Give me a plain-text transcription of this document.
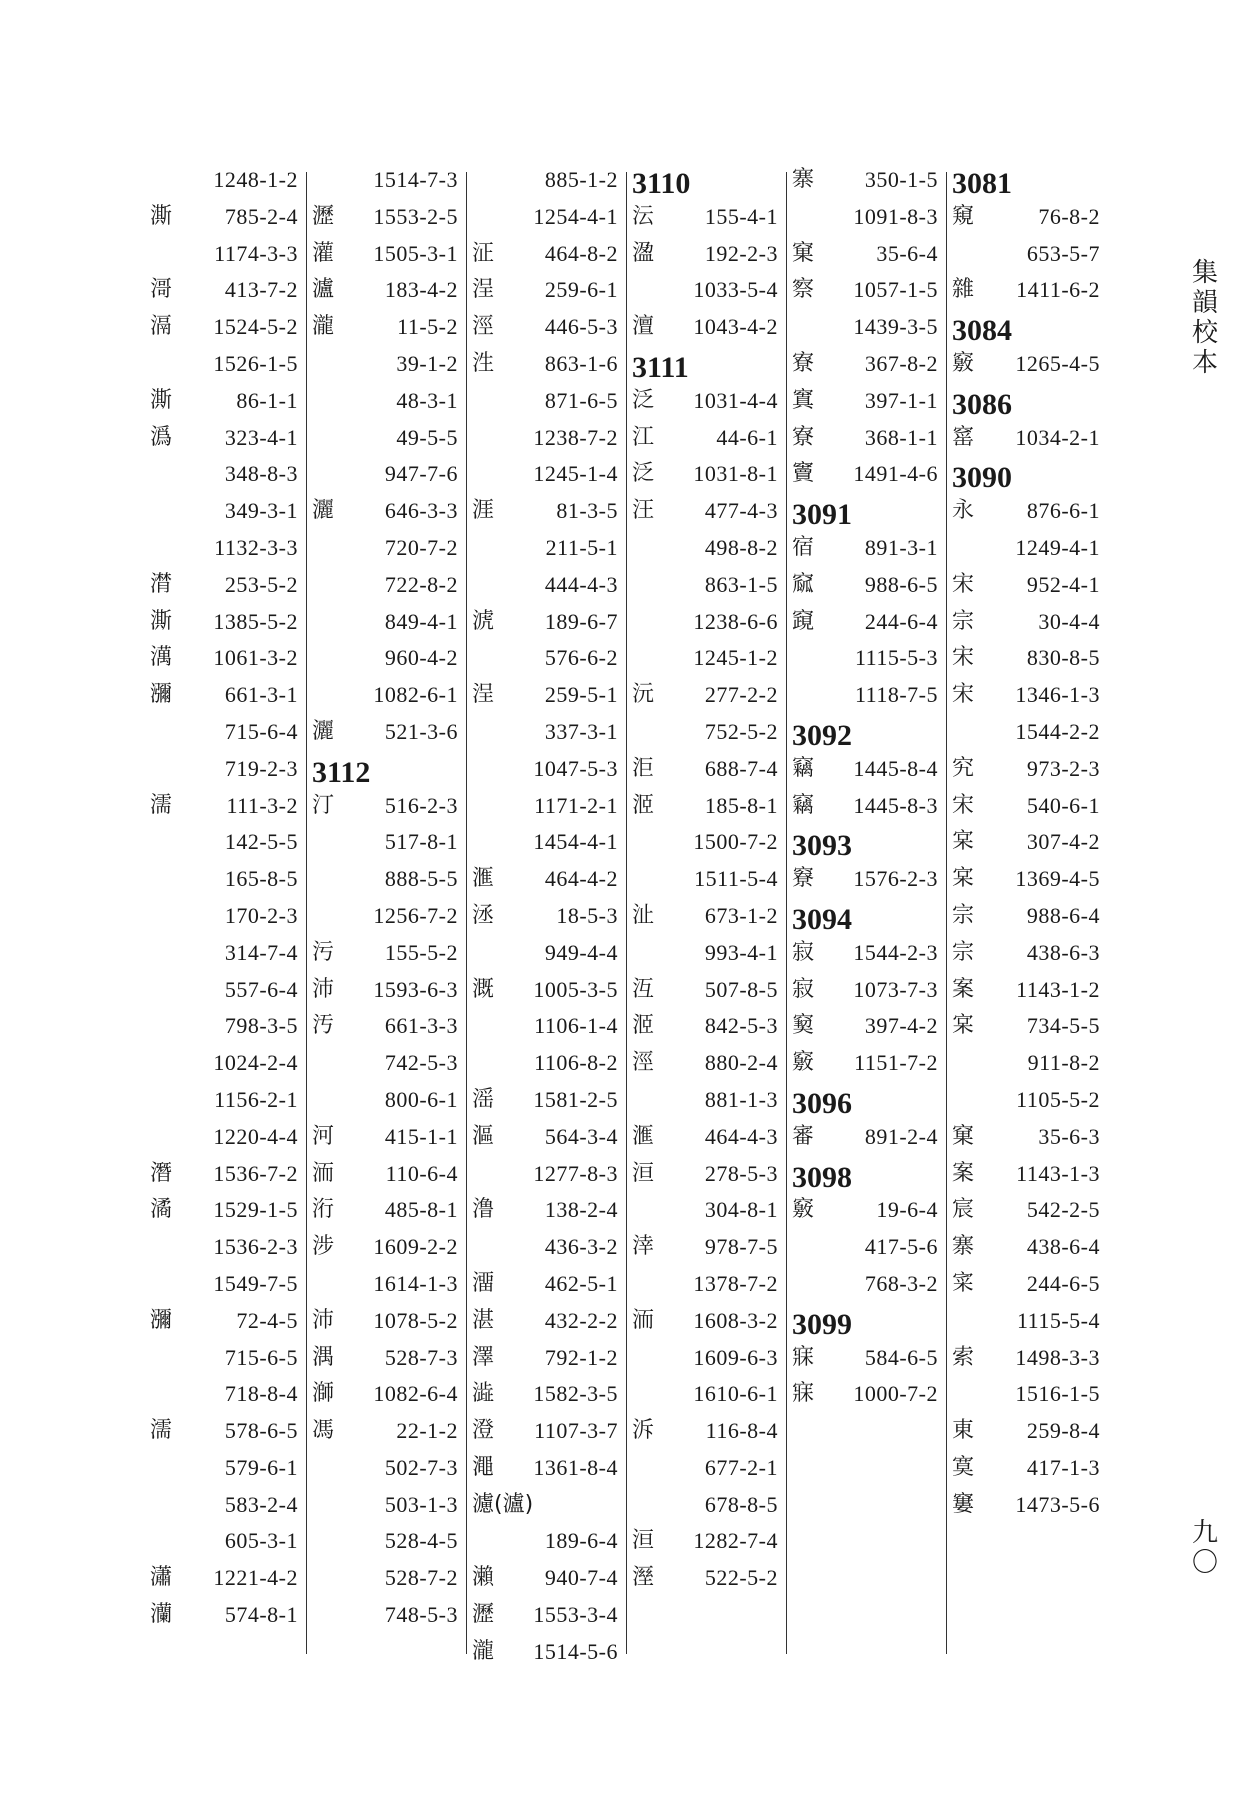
1248-1-2
澌 785-2-4
1174-3-3
滒 413-7-2
滆 1524-5-2
1526-1-5
澌	86-1-1
潙 323-4-1
348-8-3
349-3-1
1132-3-3
潸 253-5-2
澌 1385-5-2
澫 1061-3-2
瀰 661-3-1
715-6-4
719-2-3
濡 111-3-2
142-5-5
165-8-5
170-2-3
314-7-4
557-6-4
798-3-5
1024-2-4
1156-2-1
1220-4-4
潛 1536-7-2
潏 1529-1-5
1536-2-3
1549-7-5
瀰	72-4-5
715-6-5
718-8-4
濡 578-6-5
579-6-1
583-2-4
605-3-1
瀟 1221-4-2
灡 574-8-1
1514-7-3
瀝 1553-2-5
灌 1505-3-1
瀘 183-4-2
瀧	11-5-2
39-1-2
48-3-1
49-5-5
947-7-6
灑 646-3-3
720-7-2
722-8-2
849-4-1
960-4-2
1082-6-1
灑 521-3-6
3112
汀 516-2-3
517-8-1
888-5-5
1256-7-2
污 155-5-2
沛 1593-6-3
汚 661-3-3
742-5-3
800-6-1
河 415-1-1
洏 110-6-4
洐 485-8-1
涉 1609-2-2
1614-1-3
沛 1078-5-2
湡 528-7-3
溮 1082-6-4
馮	22-1-2
502-7-3
503-1-3
528-4-5
528-7-2
748-5-3
885-1-2
1254-4-1
泟 464-8-2
浧 259-6-1
涇 446-5-3
泩 863-1-6
871-6-5
1238-7-2
1245-1-4
涯	81-3-5
211-5-1
444-4-3
淲 189-6-7
576-6-2
浧 259-5-1
337-3-1
1047-5-3
1171-2-1
1454-4-1
滙 464-4-2
洆	18-5-3
949-4-4
溉 1005-3-5
1106-1-4
1106-8-2
滛 1581-2-5
漚 564-3-4
1277-8-3
澛 138-2-4
436-3-2
澑 462-5-1
湛 432-2-2
澤 792-1-2
澁 1582-3-5
澄 1107-3-7
澠 1361-8-4
濾(瀘)
189-6-4
瀨 940-7-4
瀝 1553-3-4
瀧 1514-5-6
3110
沄 155-4-1
溋 192-2-3
1033-5-4
澶 1043-4-2
3111
泛 1031-4-4
江	44-6-1
泛 1031-8-1
汪 477-4-3
498-8-2
863-1-5
1238-6-6
1245-1-2
沅 277-2-2
752-5-2
洰 688-7-4
洍 185-8-1
1500-7-2
1511-5-4
沚 673-1-2
993-4-1
沍 507-8-5
洍 842-5-3
涇 880-2-4
881-1-3
滙 464-4-3
洹 278-5-3
304-8-1
涬 978-7-5
1378-7-2
洏 1608-3-2
1609-6-3
1610-6-1
泝 116-8-4
677-2-1
678-8-5
洹 1282-7-4
溼 522-5-2
寨 350-1-5
1091-8-3
窠	35-6-4
察 1057-1-5
1439-3-5
寮 367-8-2
窴 397-1-1
寮 368-1-1
竇 1491-4-6
3091
宿 891-3-1
窳 988-6-5
竀 244-6-4
1115-5-3
1118-7-5
3092
竊 1445-8-4
竊 1445-8-3
3093
竂 1576-2-3
3094
寂 1544-2-3
寂 1073-7-3
窫 397-4-2
竅 1151-7-2
3096
審 891-2-4
3098
竅	19-6-4
417-5-6
768-3-2
3099
寐 584-6-5
寐 1000-7-2
3081
窺	76-8-2
653-5-7
雜 1411-6-2
3084
竅 1265-4-5
3086
窰 1034-2-1
3090
永 876-6-1
1249-4-1
宋 952-4-1
宗	30-4-4
宋 830-8-5
宋 1346-1-3
1544-2-2
究 973-2-3
宋 540-6-1
宲 307-4-2
宲 1369-4-5
宗 988-6-4
宗 438-6-3
案 1143-1-2
宲 734-5-5
911-8-2
1105-5-2
窠	35-6-3
案 1143-1-3
宸 542-2-5
寨 438-6-4
寀 244-6-5
1115-5-4
索 1498-3-3
1516-1-5
東 259-8-4
寞 417-1-3
窶 1473-5-6
集韻校本
九〇
